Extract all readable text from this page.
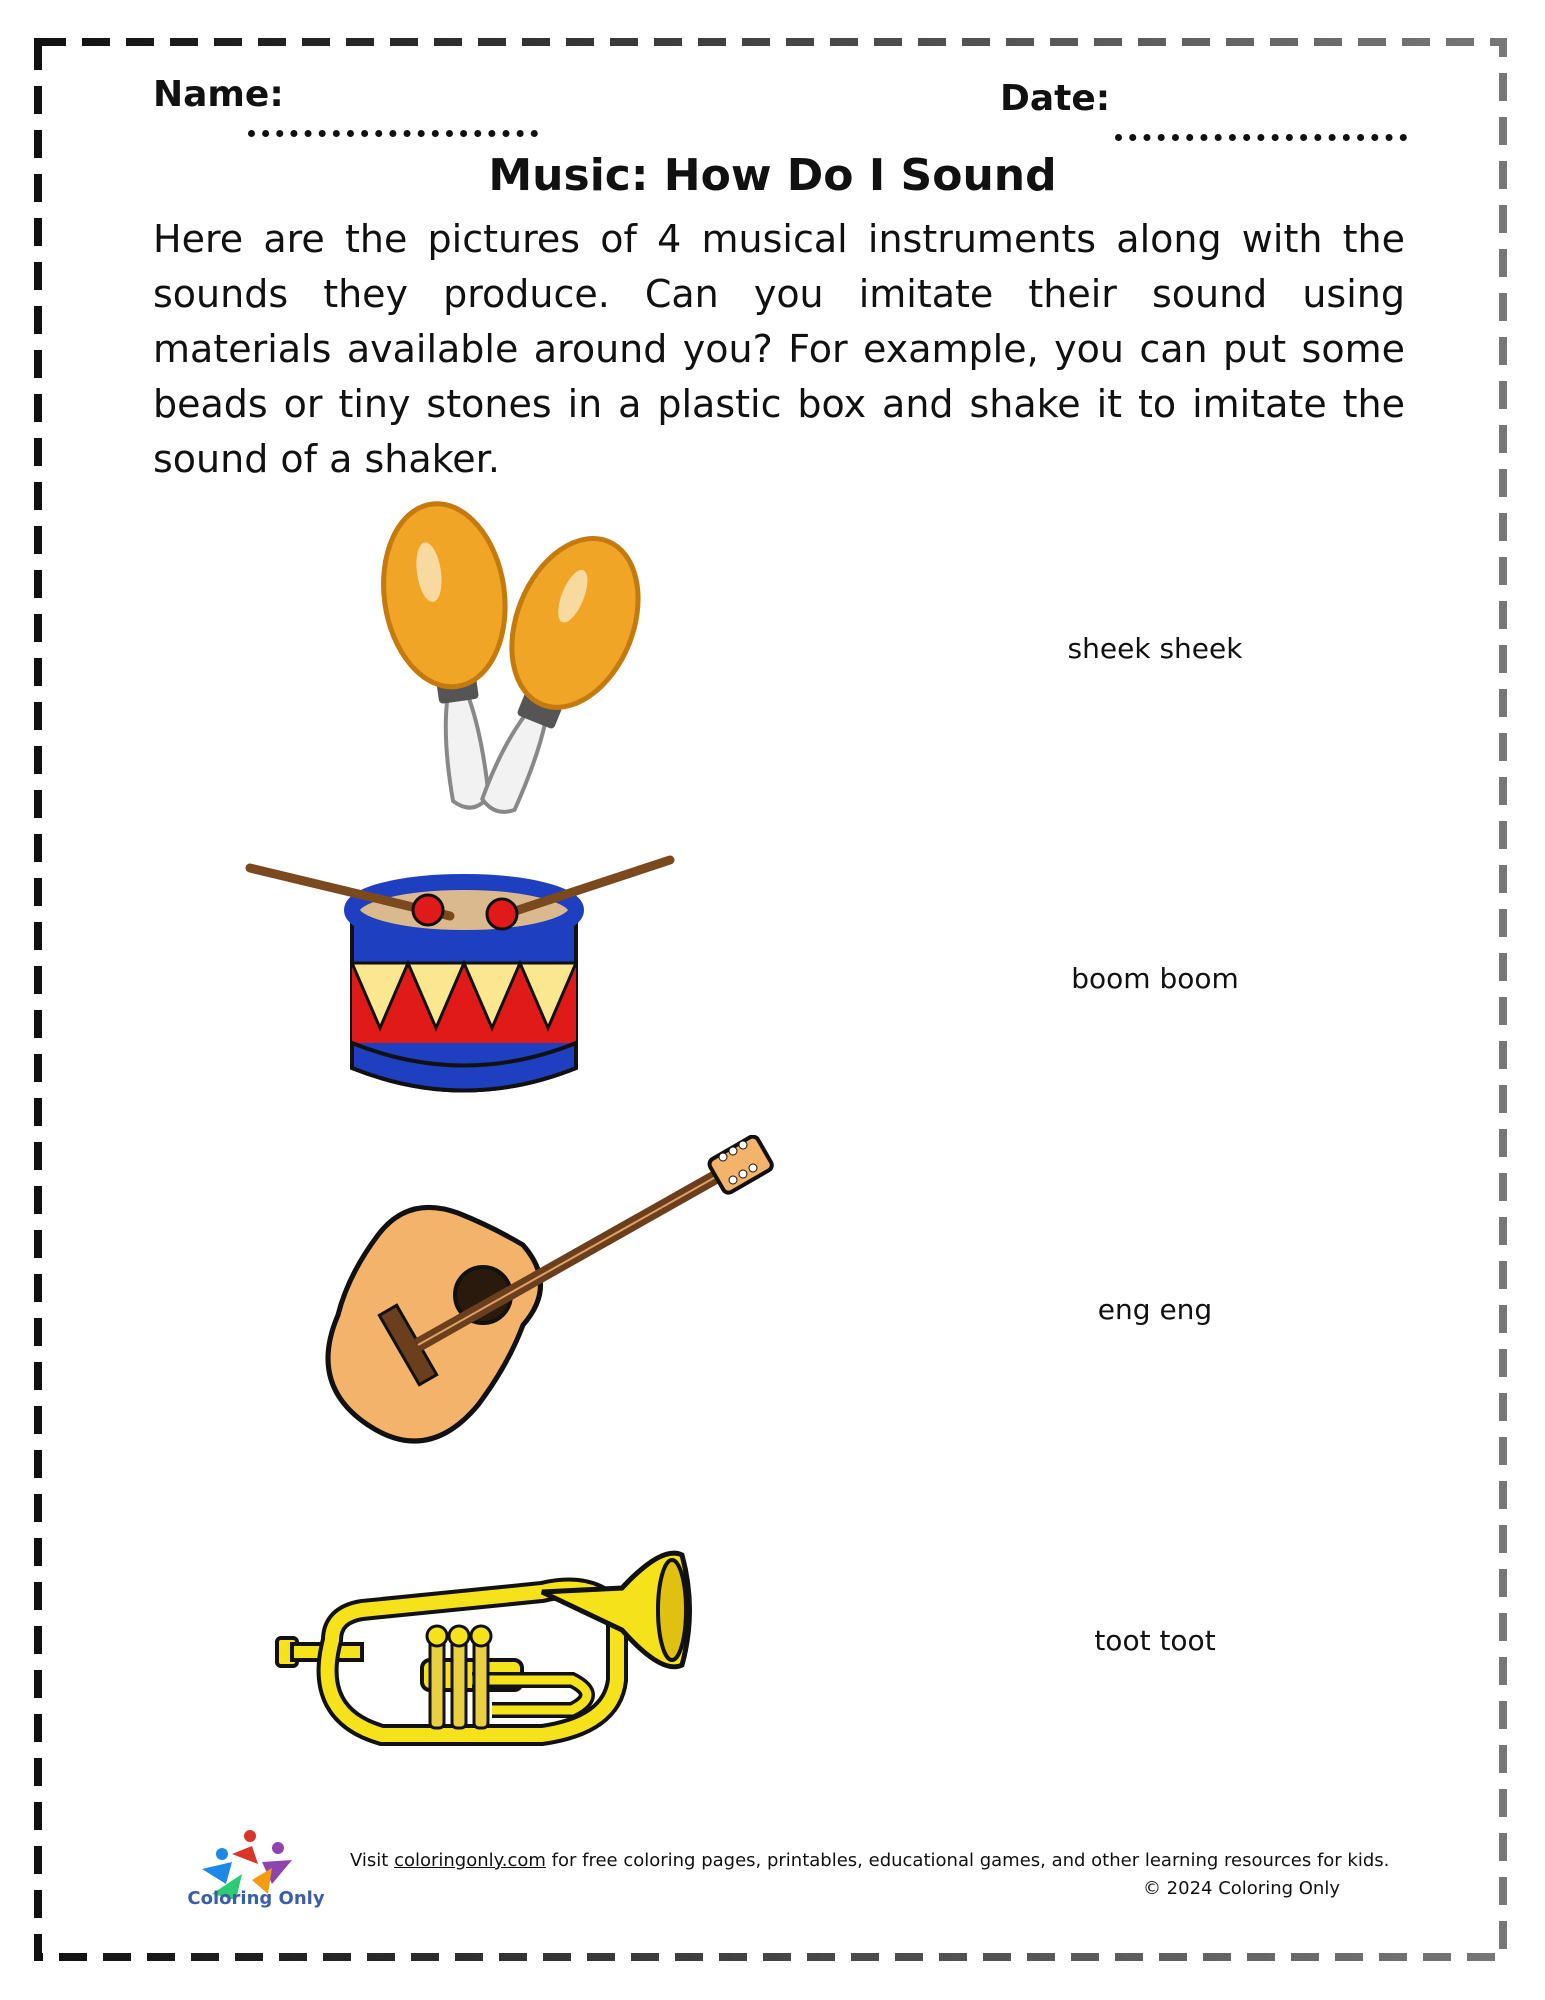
Name:	Date:

Music: How Do I Sound

Here are the pictures of 4 musical instruments along with the sounds they produce. Can you imitate their sound using materials available around you? For example, you can put some beads or tiny stones in a plastic box and shake it to imitate the sound of a shaker.

sheek sheek

boom boom

eng eng

toot toot

Coloring Only

Visit coloringonly.com for free coloring pages, printables, educational games, and other learning resources for kids.

© 2024 Coloring Only
